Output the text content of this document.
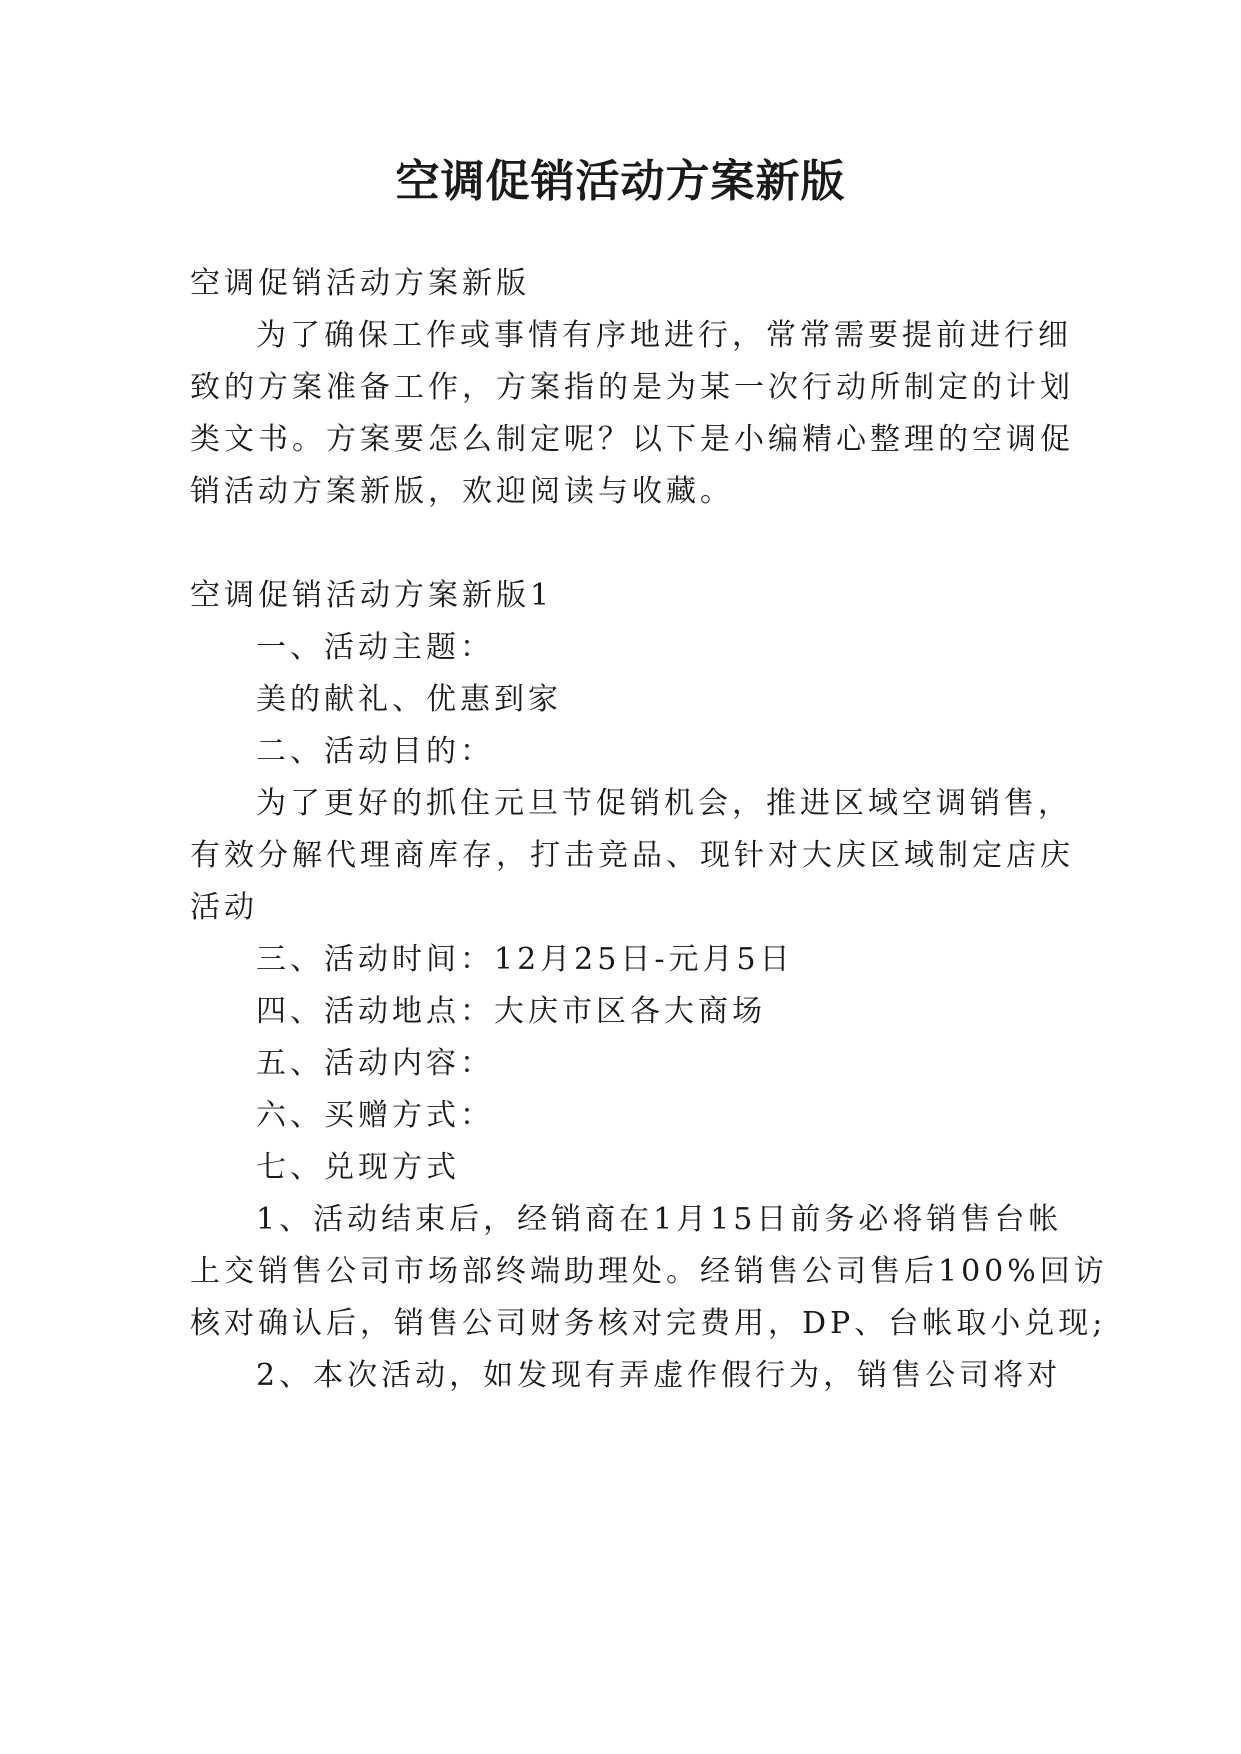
空调促销活动方案新版
空调促销活动方案新版
为了确保工作或事情有序地进行，常常需要提前进行细
致的方案准备工作，方案指的是为某一次行动所制定的计划
类文书。方案要怎么制定呢？以下是小编精心整理的空调促
销活动方案新版，欢迎阅读与收藏。
空调促销活动方案新版1
一、活动主题：
美的献礼、优惠到家
二、活动目的：
为了更好的抓住元旦节促销机会，推进区域空调销售，
有效分解代理商库存，打击竞品、现针对大庆区域制定店庆
活动
三、活动时间：12月25日-元月5日
四、活动地点：大庆市区各大商场
五、活动内容：
六、买赠方式：
七、兑现方式
1、活动结束后，经销商在1月15日前务必将销售台帐
上交销售公司市场部终端助理处。经销售公司售后100%回访
核对确认后，销售公司财务核对完费用，DP、台帐取小兑现;
2、本次活动，如发现有弄虚作假行为，销售公司将对
